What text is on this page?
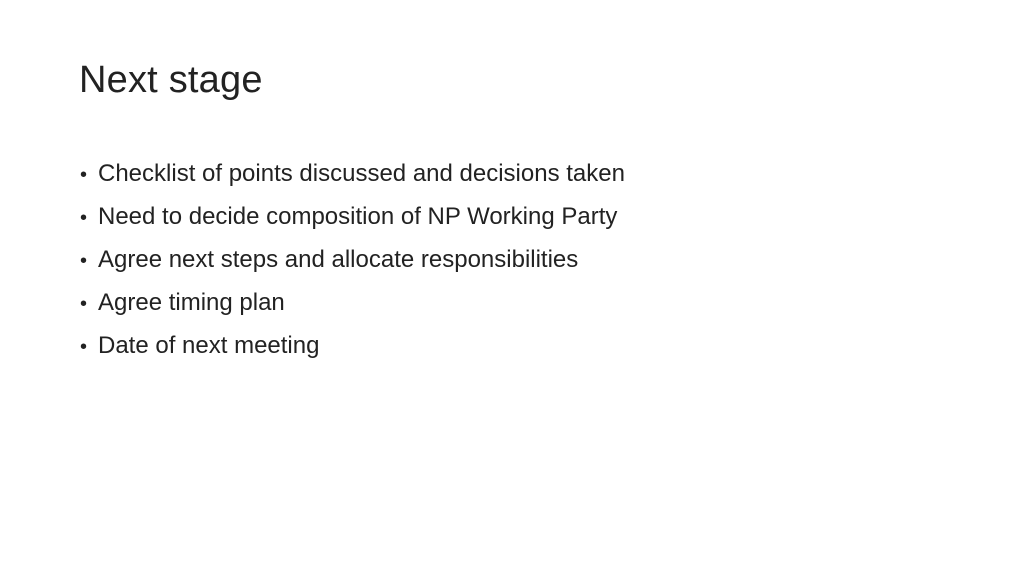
Next stage
• Checklist of points discussed and decisions taken
• Need to decide composition of NP Working Party
• Agree next steps and allocate responsibilities
• Agree timing plan
• Date of next meeting
